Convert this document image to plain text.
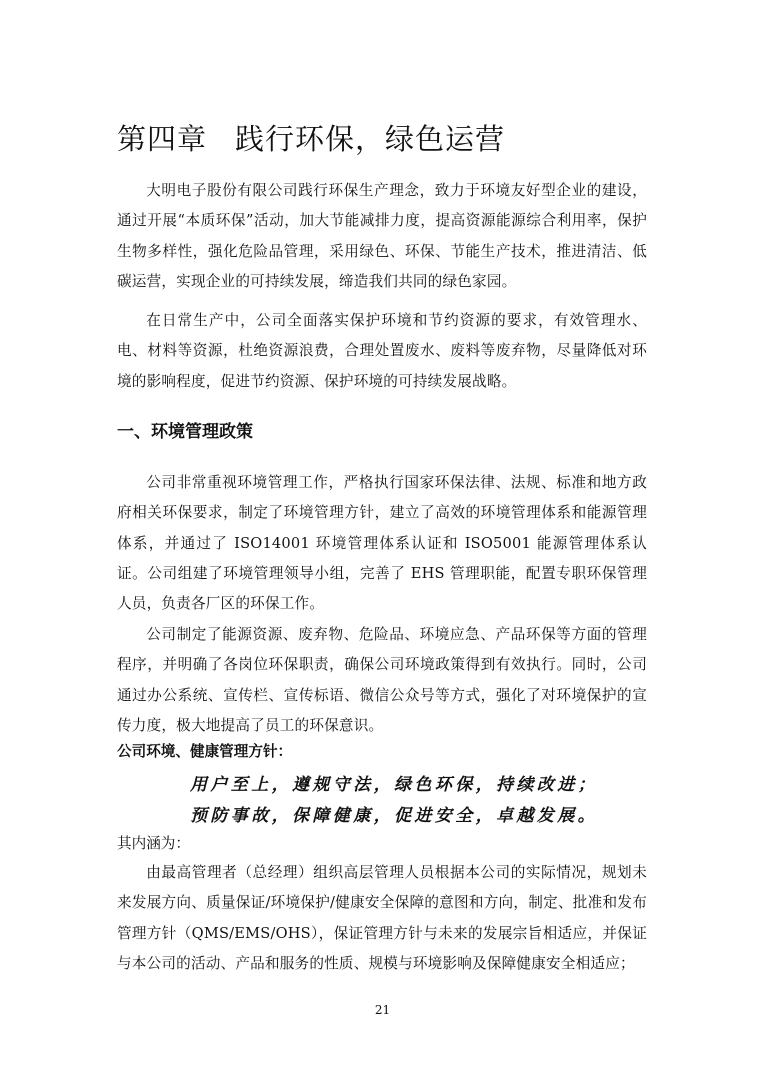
第四章 践行环保，绿色运营

大明电子股份有限公司践行环保生产理念，致力于环境友好型企业的建设，通过开展“本质环保”活动，加大节能减排力度，提高资源能源综合利用率，保护生物多样性，强化危险品管理，采用绿色、环保、节能生产技术，推进清洁、低碳运营，实现企业的可持续发展，缔造我们共同的绿色家园。

在日常生产中，公司全面落实保护环境和节约资源的要求，有效管理水、电、材料等资源，杜绝资源浪费，合理处置废水、废料等废弃物，尽量降低对环境的影响程度，促进节约资源、保护环境的可持续发展战略。

一、环境管理政策

公司非常重视环境管理工作，严格执行国家环保法律、法规、标准和地方政府相关环保要求，制定了环境管理方针，建立了高效的环境管理体系和能源管理体系，并通过了 ISO14001 环境管理体系认证和 ISO5001 能源管理体系认证。公司组建了环境管理领导小组，完善了 EHS 管理职能，配置专职环保管理人员，负责各厂区的环保工作。

公司制定了能源资源、废弃物、危险品、环境应急、产品环保等方面的管理程序，并明确了各岗位环保职责，确保公司环境政策得到有效执行。同时，公司通过办公系统、宣传栏、宣传标语、微信公众号等方式，强化了对环境保护的宣传力度，极大地提高了员工的环保意识。

公司环境、健康管理方针：

用户至上，遵规守法，绿色环保，持续改进；

预防事故，保障健康，促进安全，卓越发展。

其内涵为：

由最高管理者（总经理）组织高层管理人员根据本公司的实际情况，规划未来发展方向、质量保证/环境保护/健康安全保障的意图和方向，制定、批准和发布管理方针（QMS/EMS/OHS），保证管理方针与未来的发展宗旨相适应，并保证与本公司的活动、产品和服务的性质、规模与环境影响及保障健康安全相适应；

21
